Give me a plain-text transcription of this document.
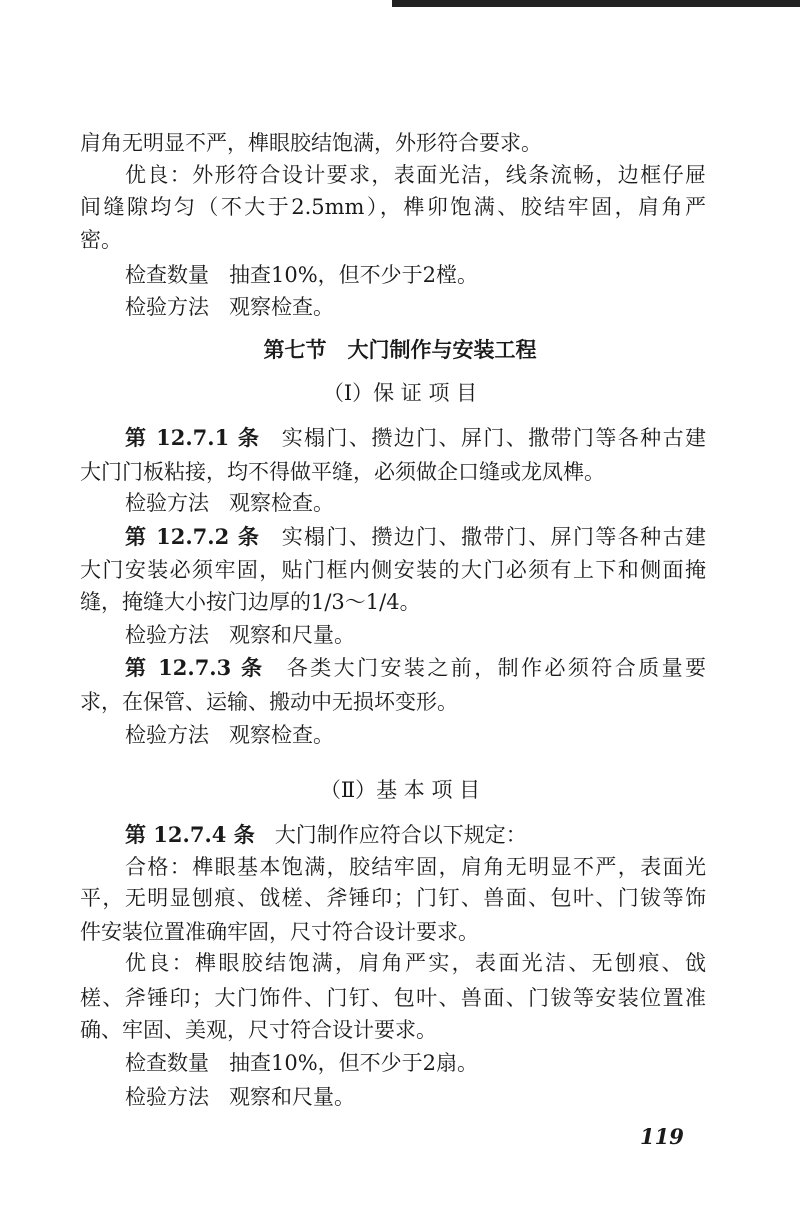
肩角无明显不严，榫眼胶结饱满，外形符合要求。
优良：外形符合设计要求，表面光洁，线条流畅，边框仔屉
间缝隙均匀（不大于2.5mm），榫卯饱满、胶结牢固，肩角严
密。
检查数量 抽查10%，但不少于2樘。
检验方法 观察检查。
第七节　大门制作与安装工程
（Ⅰ）保 证 项 目
第 12.7.1 条 实榻门、攒边门、屏门、撒带门等各种古建
大门门板粘接，均不得做平缝，必须做企口缝或龙凤榫。
检验方法 观察检查。
第 12.7.2 条 实榻门、攒边门、撒带门、屏门等各种古建
大门安装必须牢固，贴门框内侧安装的大门必须有上下和侧面掩
缝，掩缝大小按门边厚的1/3～1/4。
检验方法 观察和尺量。
第 12.7.3 条 各类大门安装之前，制作必须符合质量要
求，在保管、运输、搬动中无损坏变形。
检验方法 观察检查。
（Ⅱ）基 本 项 目
第 12.7.4 条 大门制作应符合以下规定：
合格：榫眼基本饱满，胶结牢固，肩角无明显不严，表面光
平，无明显刨痕、戗槎、斧锤印；门钉、兽面、包叶、门钹等饰
件安装位置准确牢固，尺寸符合设计要求。
优良：榫眼胶结饱满，肩角严实，表面光洁、无刨痕、戗
槎、斧锤印；大门饰件、门钉、包叶、兽面、门钹等安装位置准
确、牢固、美观，尺寸符合设计要求。
检查数量 抽查10%，但不少于2扇。
检验方法 观察和尺量。
119
